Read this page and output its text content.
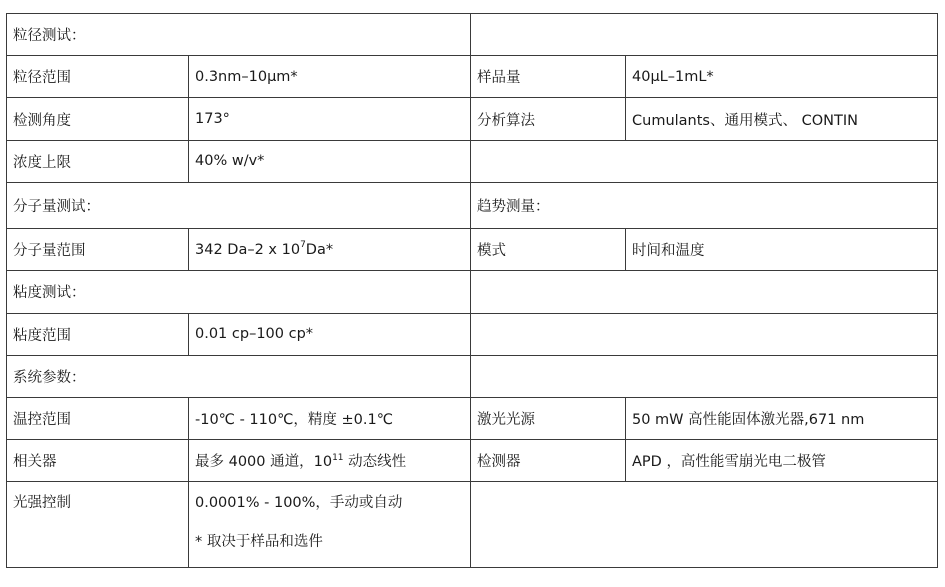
粒径测试：			
粒径范围	0.3nm–10μm*	样品量	40μL–1mL*
检测角度	173°	分析算法	Cumulants、通用模式、 CONTIN
浓度上限	40% w/v*		
分子量测试：		趋势测量：	
分子量范围	342 Da–2 x $10^7Da*$	模式	时间和温度
粘度测试：			
粘度范围	0.01 cp–100 cp*		
系统参数：			
温控范围	-10℃ - 110℃，精度 ±0.1℃	激光光源	50 mW 高性能固体激光器,671 nm
相关器	最多 4000 通道，$10^{11}$ 动态线性	检测器	APD ，高性能雪崩光电二极管
光强控制	0.0001% - 100%，手动或自动
* 取决于样品和选件		
